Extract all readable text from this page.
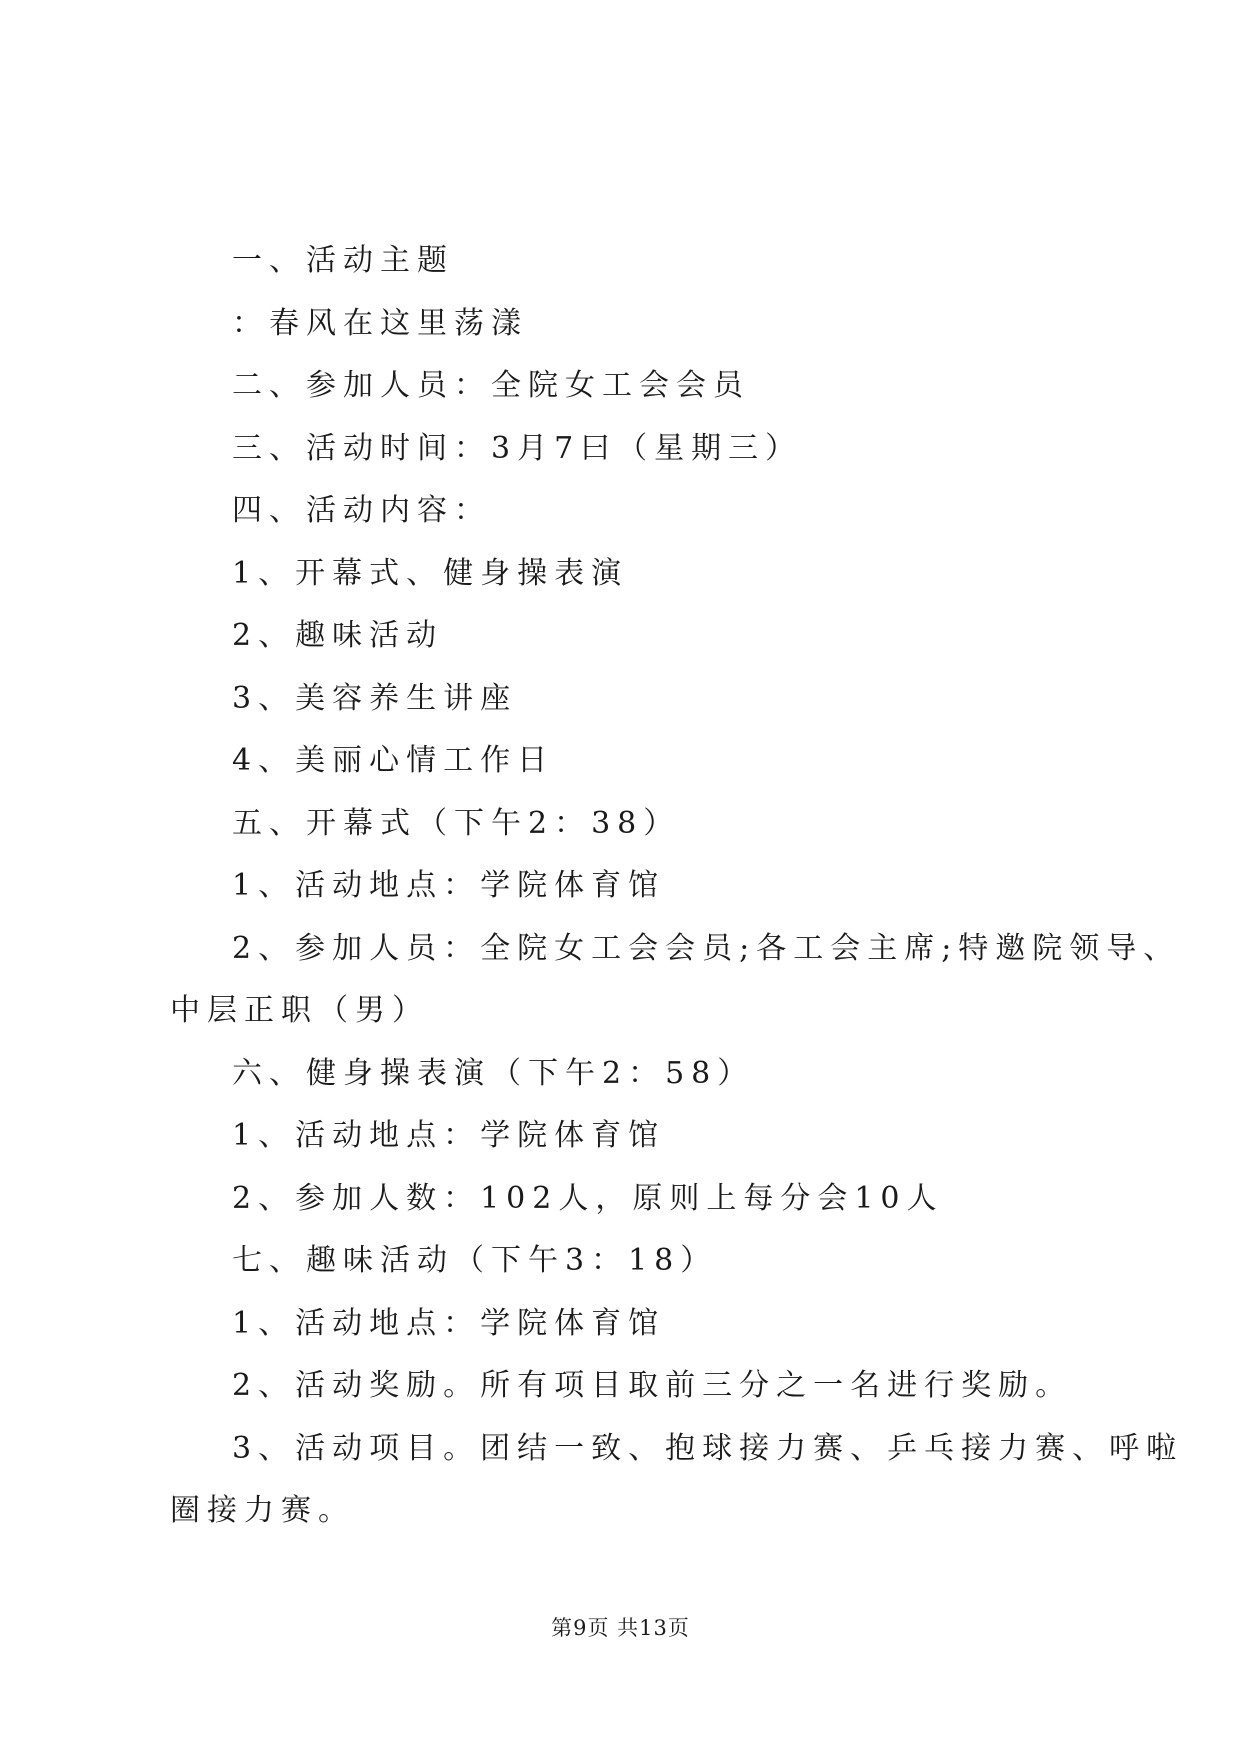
一、活动主题
：春风在这里荡漾
二、参加人员：全院女工会会员
三、活动时间：3月7曰（星期三）
四、活动内容：
1、开幕式、健身操表演
2、趣味活动
3、美容养生讲座
4、美丽心情工作日
五、开幕式（下午2：38）
1、活动地点：学院体育馆
2、参加人员：全院女工会会员;各工会主席;特邀院领导、
中层正职（男）
六、健身操表演（下午2：58）
1、活动地点：学院体育馆
2、参加人数：102人，原则上每分会10人
七、趣味活动（下午3：18）
1、活动地点：学院体育馆
2、活动奖励。所有项目取前三分之一名进行奖励。
3、活动项目。团结一致、抱球接力赛、乒乓接力赛、呼啦
圈接力赛。
第9页 共13页
